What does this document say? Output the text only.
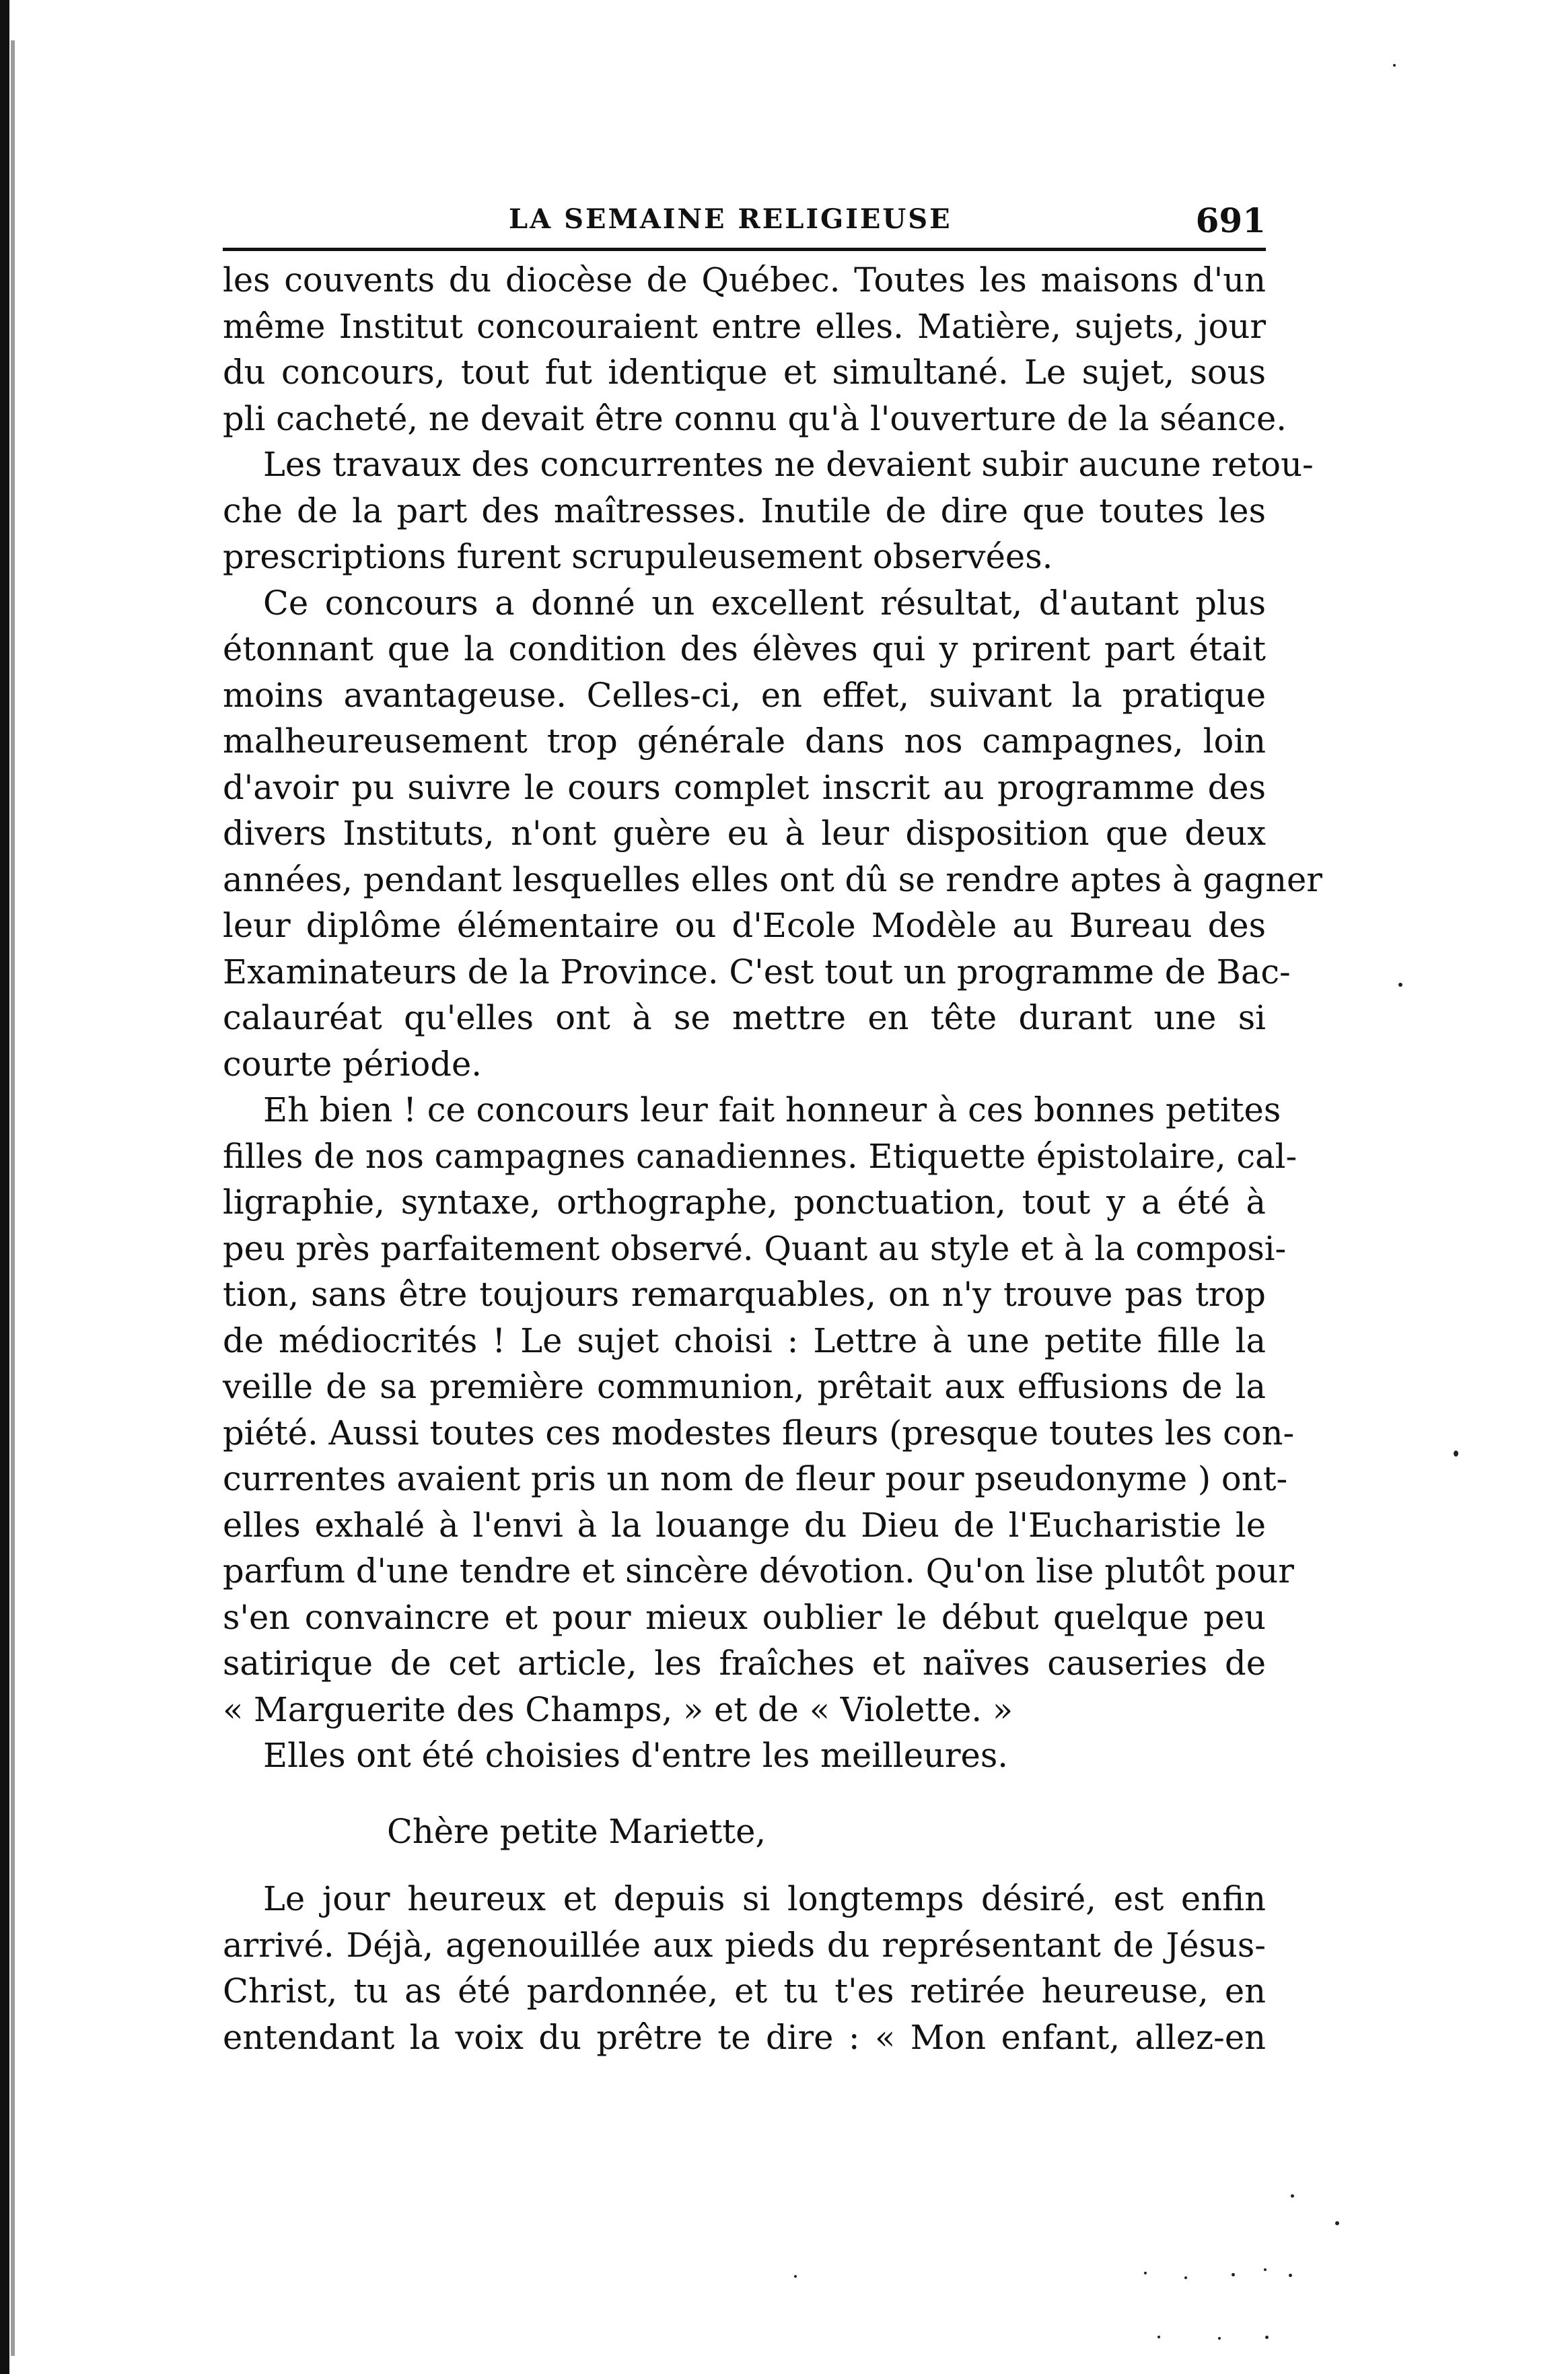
LA SEMAINE RELIGIEUSE	691
les couvents du diocèse de Québec. Toutes les maisons d'un
même Institut concouraient entre elles. Matière, sujets, jour
du concours, tout fut identique et simultané. Le sujet, sous
pli cacheté, ne devait être connu qu'à l'ouverture de la séance.
Les travaux des concurrentes ne devaient subir aucune retou-
che de la part des maîtresses. Inutile de dire que toutes les
prescriptions furent scrupuleusement observées.
Ce concours a donné un excellent résultat, d'autant plus
étonnant que la condition des élèves qui y prirent part était
moins avantageuse. Celles-ci, en effet, suivant la pratique
malheureusement trop générale dans nos campagnes, loin
d'avoir pu suivre le cours complet inscrit au programme des
divers Instituts, n'ont guère eu à leur disposition que deux
années, pendant lesquelles elles ont dû se rendre aptes à gagner
leur diplôme élémentaire ou d'Ecole Modèle au Bureau des
Examinateurs de la Province. C'est tout un programme de Bac-
calauréat qu'elles ont à se mettre en tête durant une si
courte période.
Eh bien ! ce concours leur fait honneur à ces bonnes petites
filles de nos campagnes canadiennes. Etiquette épistolaire, cal-
ligraphie, syntaxe, orthographe, ponctuation, tout y a été à
peu près parfaitement observé. Quant au style et à la composi-
tion, sans être toujours remarquables, on n'y trouve pas trop
de médiocrités ! Le sujet choisi : Lettre à une petite fille la
veille de sa première communion, prêtait aux effusions de la
piété. Aussi toutes ces modestes fleurs (presque toutes les con-
currentes avaient pris un nom de fleur pour pseudonyme ) ont-
elles exhalé à l'envi à la louange du Dieu de l'Eucharistie le
parfum d'une tendre et sincère dévotion. Qu'on lise plutôt pour
s'en convaincre et pour mieux oublier le début quelque peu
satirique de cet article, les fraîches et naïves causeries de
« Marguerite des Champs, » et de « Violette. »
Elles ont été choisies d'entre les meilleures.
Chère petite Mariette,
Le jour heureux et depuis si longtemps désiré, est enfin
arrivé. Déjà, agenouillée aux pieds du représentant de Jésus-
Christ, tu as été pardonnée, et tu t'es retirée heureuse, en
entendant la voix du prêtre te dire : « Mon enfant, allez-en
